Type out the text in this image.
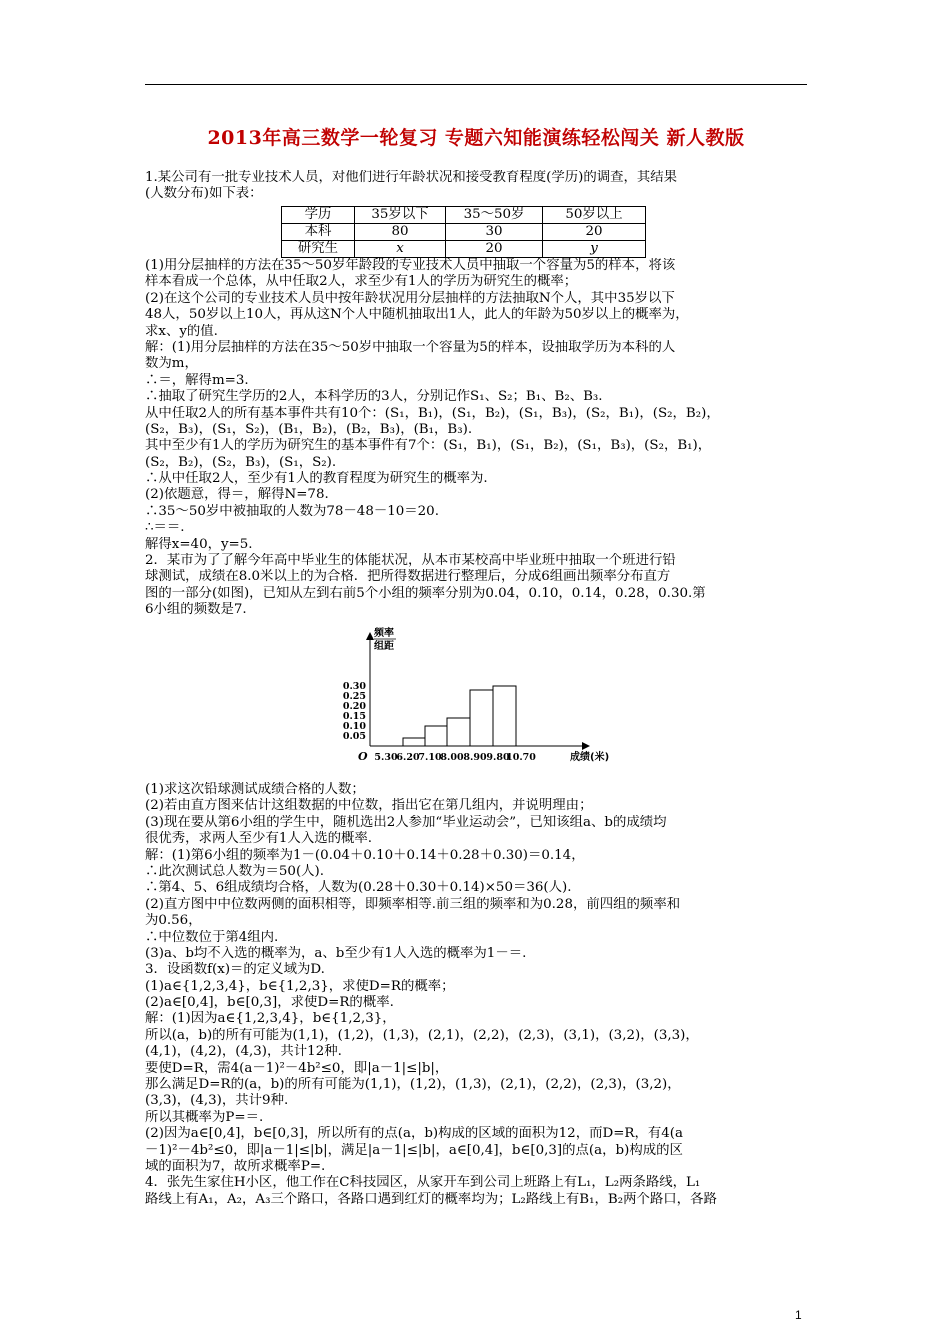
2013年高三数学一轮复习 专题六知能演练轻松闯关 新人教版
1.某公司有一批专业技术人员，对他们进行年龄状况和接受教育程度(学历)的调查，其结果
(人数分布)如下表：
学历	35岁以下	35～50岁	50岁以上
本科	80	30	20
研究生	x	20	y
(1)用分层抽样的方法在35～50岁年龄段的专业技术人员中抽取一个容量为5的样本，将该
样本看成一个总体，从中任取2人，求至少有1人的学历为研究生的概率；
(2)在这个公司的专业技术人员中按年龄状况用分层抽样的方法抽取N个人，其中35岁以下
48人，50岁以上10人，再从这N个人中随机抽取出1人，此人的年龄为50岁以上的概率为，
求x、y的值.
解：(1)用分层抽样的方法在35～50岁中抽取一个容量为5的样本，设抽取学历为本科的人
数为m，
∴＝，解得m=3.
∴抽取了研究生学历的2人，本科学历的3人，分别记作S₁、S₂；B₁、B₂、B₃.
从中任取2人的所有基本事件共有10个：(S₁，B₁)，(S₁，B₂)，(S₁，B₃)，(S₂，B₁)，(S₂，B₂)，
(S₂，B₃)，(S₁，S₂)，(B₁，B₂)，(B₂，B₃)，(B₁，B₃).
其中至少有1人的学历为研究生的基本事件有7个：(S₁，B₁)，(S₁，B₂)，(S₁，B₃)，(S₂，B₁)，
(S₂，B₂)，(S₂，B₃)，(S₁，S₂).
∴从中任取2人，至少有1人的教育程度为研究生的概率为.
(2)依题意，得＝，解得N=78.
∴35～50岁中被抽取的人数为78－48－10＝20.
∴＝＝.
解得x=40，y=5.
2．某市为了了解今年高中毕业生的体能状况，从本市某校高中毕业班中抽取一个班进行铅
球测试，成绩在8.0米以上的为合格．把所得数据进行整理后，分成6组画出频率分布直方
图的一部分(如图)，已知从左到右前5个小组的频率分别为0.04，0.10，0.14，0.28，0.30.第
6小组的频数是7.
频率
组距
0.05
0.10
0.15
0.20
0.25
0.30
5.30
6.20
7.10
8.00 8.90 9.80
10.70	成绩(米)
O
(1)求这次铅球测试成绩合格的人数；
(2)若由直方图来估计这组数据的中位数，指出它在第几组内，并说明理由；
(3)现在要从第6小组的学生中，随机选出2人参加“毕业运动会”，已知该组a、b的成绩均
很优秀，求两人至少有1人入选的概率.
解：(1)第6小组的频率为1－(0.04＋0.10＋0.14＋0.28＋0.30)＝0.14，
∴此次测试总人数为＝50(人).
∴第4、5、6组成绩均合格，人数为(0.28＋0.30＋0.14)×50＝36(人).
(2)直方图中中位数两侧的面积相等，即频率相等.前三组的频率和为0.28，前四组的频率和
为0.56，
∴中位数位于第4组内.
(3)a、b均不入选的概率为，a、b至少有1人入选的概率为1－＝.
3．设函数f(x)＝的定义域为D.
(1)a∈{1,2,3,4}，b∈{1,2,3}，求使D=R的概率；
(2)a∈[0,4]，b∈[0,3]，求使D=R的概率.
解：(1)因为a∈{1,2,3,4}，b∈{1,2,3}，
所以(a，b)的所有可能为(1,1)，(1,2)，(1,3)，(2,1)，(2,2)，(2,3)，(3,1)，(3,2)，(3,3)，
(4,1)，(4,2)，(4,3)，共计12种.
要使D=R，需4(a－1)²－4b²≤0，即|a－1|≤|b|，
那么满足D=R的(a，b)的所有可能为(1,1)，(1,2)，(1,3)，(2,1)，(2,2)，(2,3)，(3,2)，
(3,3)，(4,3)，共计9种.
所以其概率为P=＝.
(2)因为a∈[0,4]，b∈[0,3]，所以所有的点(a，b)构成的区域的面积为12，而D=R，有4(a
－1)²－4b²≤0，即|a－1|≤|b|，满足|a－1|≤|b|，a∈[0,4]，b∈[0,3]的点(a，b)构成的区
域的面积为7，故所求概率P=.
4．张先生家住H小区，他工作在C科技园区，从家开车到公司上班路上有L₁，L₂两条路线，L₁
路线上有A₁，A₂，A₃三个路口，各路口遇到红灯的概率均为；L₂路线上有B₁，B₂两个路口，各路
1
